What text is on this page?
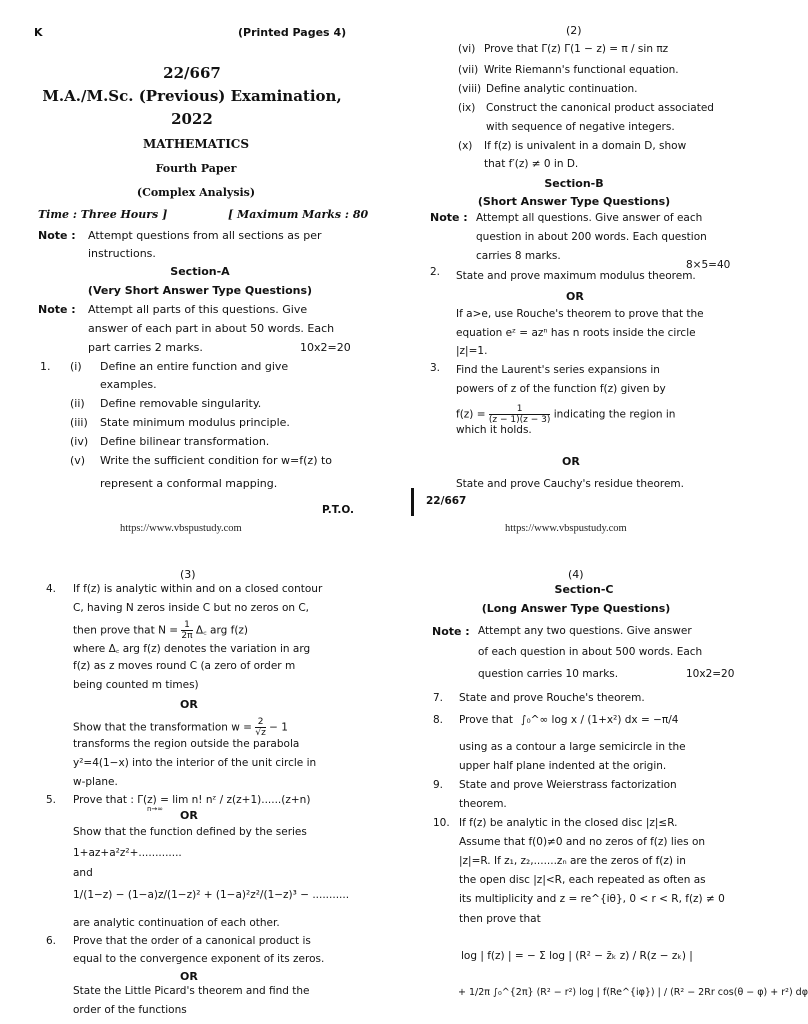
K	(Printed Pages 4)
22/667
M.A./M.Sc. (Previous) Examination,
2022
MATHEMATICS
Fourth Paper
(Complex Analysis)
Time : Three Hours ]	[ Maximum Marks : 80
Note : Attempt questions from all sections as per
instructions.
Section-A
(Very Short Answer Type Questions)
Note : Attempt all parts of this questions. Give
answer of each part in about 50 words. Each
part carries 2 marks.	10x2=20
1. (i) Define an entire function and give
examples.
(ii) Define removable singularity.
(iii) State minimum modulus principle.
(iv) Define bilinear transformation.
(v) Write the sufficient condition for w=f(z) to
represent a conformal mapping.
P.T.O.
https://www.vbspustudy.com
(2)
(vi) Prove that Γ(z) Γ(1 − z) = π / sin πz
(vii) Write Riemann's functional equation.
(viii) Define analytic continuation.
(ix) Construct the canonical product associated
with sequence of negative integers.
(x) If f(z) is univalent in a domain D, show
that f′(z) ≠ 0 in D.
Section-B
(Short Answer Type Questions)
Note : Attempt all questions. Give answer of each
question in about 200 words. Each question
carries 8 marks.
8×5=40
2. State and prove maximum modulus theorem.
OR
If a>e, use Rouche's theorem to prove that the
equation eᶻ = azⁿ has n roots inside the circle
|z|=1.
3. Find the Laurent's series expansions in
powers of z of the function f(z) given by
$f(z) = \frac{1}{(z - 1)(z - 3)}$ indicating the region in
which it holds.
OR
State and prove Cauchy's residue theorem.
22/667
https://www.vbspustudy.com
(3)
4. If f(z) is analytic within and on a closed contour
C, having N zeros inside C but no zeros on C,
then prove that $N = \frac{1}{2\pi}$ Δ꜀ arg f(z)
where Δ꜀ arg f(z) denotes the variation in arg
f(z) as z moves round C (a zero of order m
being counted m times)
OR
Show that the transformation $w = \frac{2}{√z} - 1$
transforms the region outside the parabola
y²=4(1−x) into the interior of the unit circle in
w-plane.
5. Prove that : Γ(z) = lim n! nᶻ / z(z+1)......(z+n)
n→∞ OR
Show that the function defined by the series
1+az+a²z²+.............
and
1/(1−z) − (1−a)z/(1−z)² + (1−a)²z²/(1−z)³ − ...........
are analytic continuation of each other.
6. Prove that the order of a canonical product is
equal to the convergence exponent of its zeros.
OR
State the Little Picard's theorem and find the
order of the functions
(4)
Section-C
(Long Answer Type Questions)
Note : Attempt any two questions. Give answer
of each question in about 500 words. Each
question carries 10 marks.	10x2=20
7. State and prove Rouche's theorem.
8. Prove that ∫₀^∞ log x / (1+x²) dx = −π/4
using as a contour a large semicircle in the
upper half plane indented at the origin.
9. State and prove Weierstrass factorization
theorem.
10. If f(z) be analytic in the closed disc |z|≤R.
Assume that f(0)≠0 and no zeros of f(z) lies on
|z|=R. If z₁, z₂,.......zₙ are the zeros of f(z) in
the open disc |z|<R, each repeated as often as
its multiplicity and z = re^{iθ}, 0 < r < R, f(z) ≠ 0
then prove that
log | f(z) | = − Σ log | (R² − z̄ₖ z) / R(z − zₖ) |
+ 1/2π ∫₀^{2π} (R² − r²) log | f(Re^{iφ}) | / (R² − 2Rr cos(θ − φ) + r²) dφ
